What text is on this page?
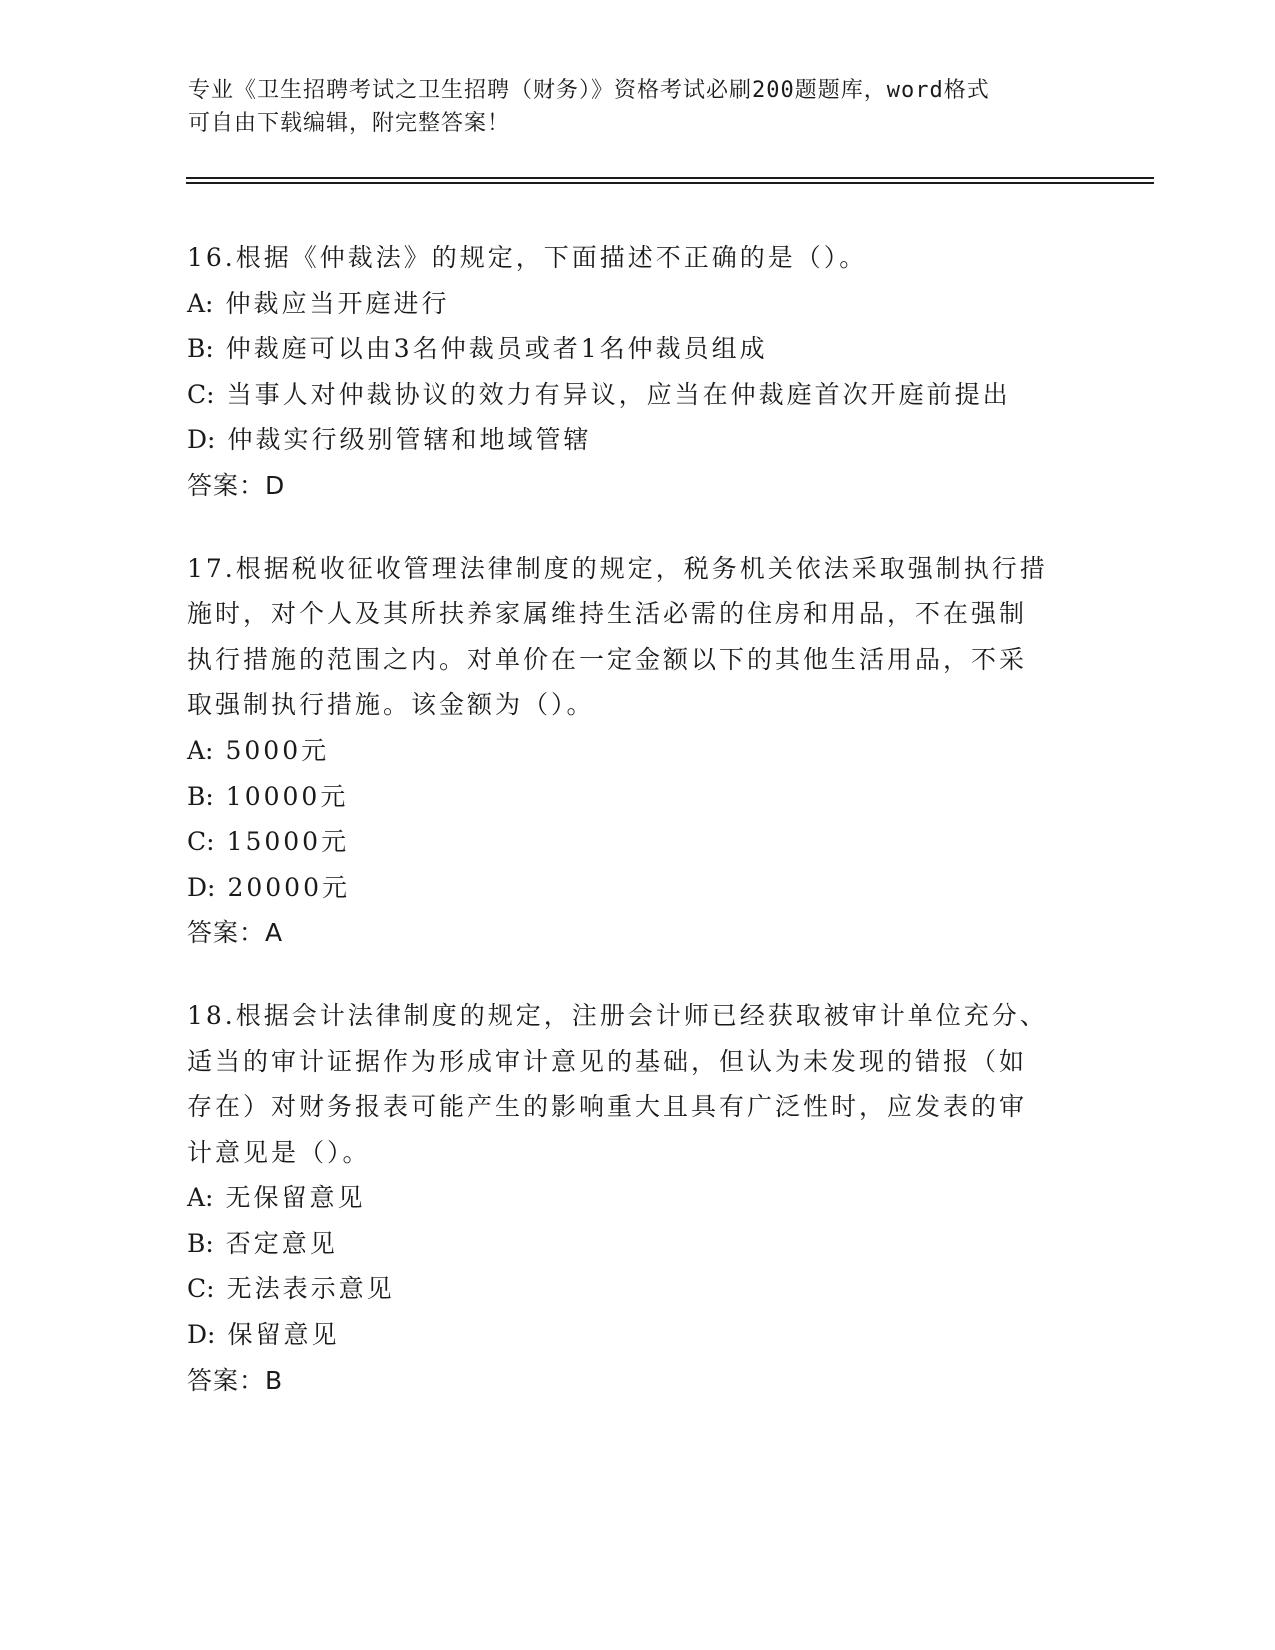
专业《卫生招聘考试之卫生招聘（财务）》资格考试必刷200题题库，word格式
可自由下载编辑，附完整答案！
16.根据《仲裁法》的规定，下面描述不正确的是（）。
A: 仲裁应当开庭进行
B: 仲裁庭可以由3名仲裁员或者1名仲裁员组成
C: 当事人对仲裁协议的效力有异议，应当在仲裁庭首次开庭前提出
D: 仲裁实行级别管辖和地域管辖
答案：D
17.根据税收征收管理法律制度的规定，税务机关依法采取强制执行措
施时，对个人及其所扶养家属维持生活必需的住房和用品，不在强制
执行措施的范围之内。对单价在一定金额以下的其他生活用品，不采
取强制执行措施。该金额为（）。
A: 5000元
B: 10000元
C: 15000元
D: 20000元
答案：A
18.根据会计法律制度的规定，注册会计师已经获取被审计单位充分、
适当的审计证据作为形成审计意见的基础，但认为未发现的错报（如
存在）对财务报表可能产生的影响重大且具有广泛性时，应发表的审
计意见是（）。
A: 无保留意见
B: 否定意见
C: 无法表示意见
D: 保留意见
答案：B
